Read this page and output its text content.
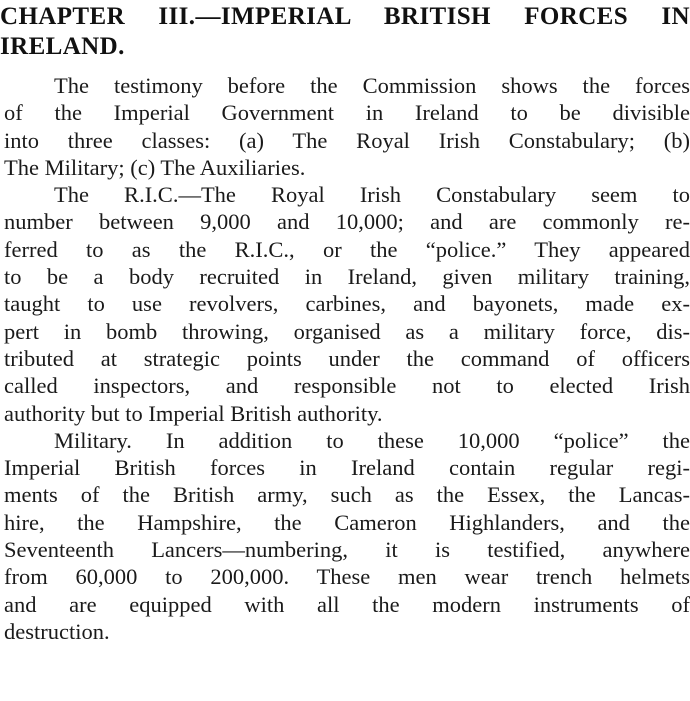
CHAPTER III.—IMPERIAL BRITISH FORCES IN
IRELAND.
The testimony before the Commission shows the forces
of the Imperial Government in Ireland to be divisible
into three classes: (a) The Royal Irish Constabulary; (b)
The Military; (c) The Auxiliaries.
The R.I.C.—The Royal Irish Constabulary seem to
number between 9,000 and 10,000; and are commonly re-
ferred to as the R.I.C., or the “police.” They appeared
to be a body recruited in Ireland, given military training,
taught to use revolvers, carbines, and bayonets, made ex-
pert in bomb throwing, organised as a military force, dis-
tributed at strategic points under the command of officers
called inspectors, and responsible not to elected Irish
authority but to Imperial British authority.
Military. In addition to these 10,000 “police” the
Imperial British forces in Ireland contain regular regi-
ments of the British army, such as the Essex, the Lancas-
hire, the Hampshire, the Cameron Highlanders, and the
Seventeenth Lancers—numbering, it is testified, anywhere
from 60,000 to 200,000. These men wear trench helmets
and are equipped with all the modern instruments of
destruction.
